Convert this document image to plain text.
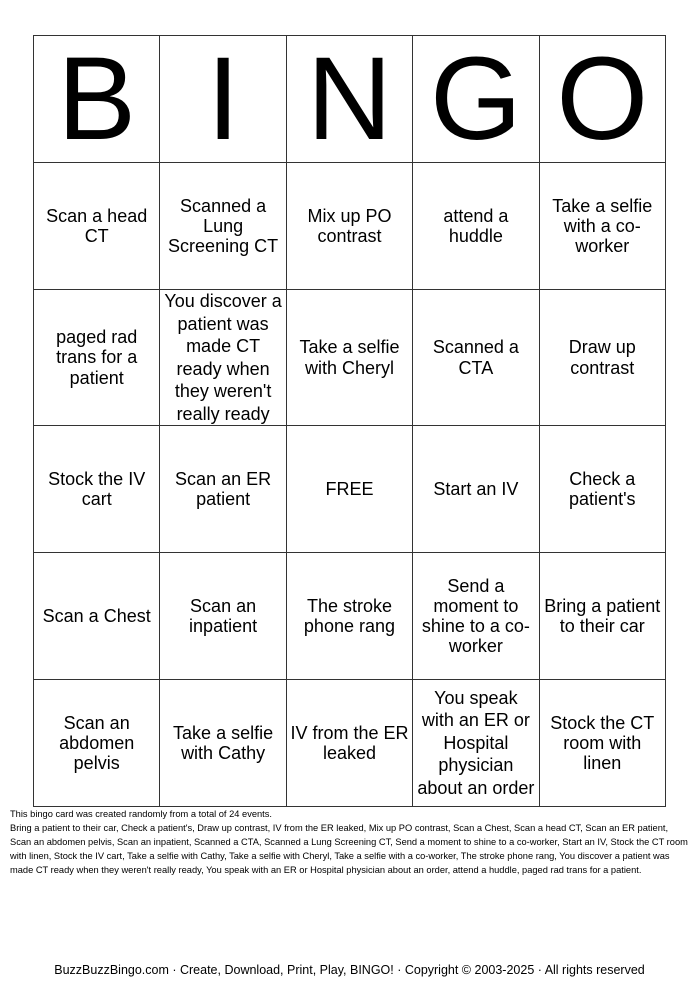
B	I	N	G	O
Scan a head CT	Scanned a Lung Screening CT	Mix up PO contrast	attend a huddle	Take a selfie with a co-worker
paged rad trans for a patient	You discover a patient was made CT ready when they weren't really ready	Take a selfie with Cheryl	Scanned a CTA	Draw up contrast
Stock the IV cart	Scan an ER patient	FREE	Start an IV	Check a patient's
Scan a Chest	Scan an inpatient	The stroke phone rang	Send a moment to shine to a co-worker	Bring a patient to their car
Scan an abdomen pelvis	Take a selfie with Cathy	IV from the ER leaked	You speak with an ER or Hospital physician about an order	Stock the CT room with linen

This bingo card was created randomly from a total of 24 events.

Bring a patient to their car, Check a patient's, Draw up contrast, IV from the ER leaked, Mix up PO contrast, Scan a Chest, Scan a head CT, Scan an ER patient, Scan an abdomen pelvis, Scan an inpatient, Scanned a CTA, Scanned a Lung Screening CT, Send a moment to shine to a co-worker, Start an IV, Stock the CT room with linen, Stock the IV cart, Take a selfie with Cathy, Take a selfie with Cheryl, Take a selfie with a co-worker, The stroke phone rang, You discover a patient was made CT ready when they weren't really ready, You speak with an ER or Hospital physician about an order, attend a huddle, paged rad trans for a patient.

BuzzBuzzBingo.com · Create, Download, Print, Play, BINGO! · Copyright © 2003-2025 · All rights reserved
